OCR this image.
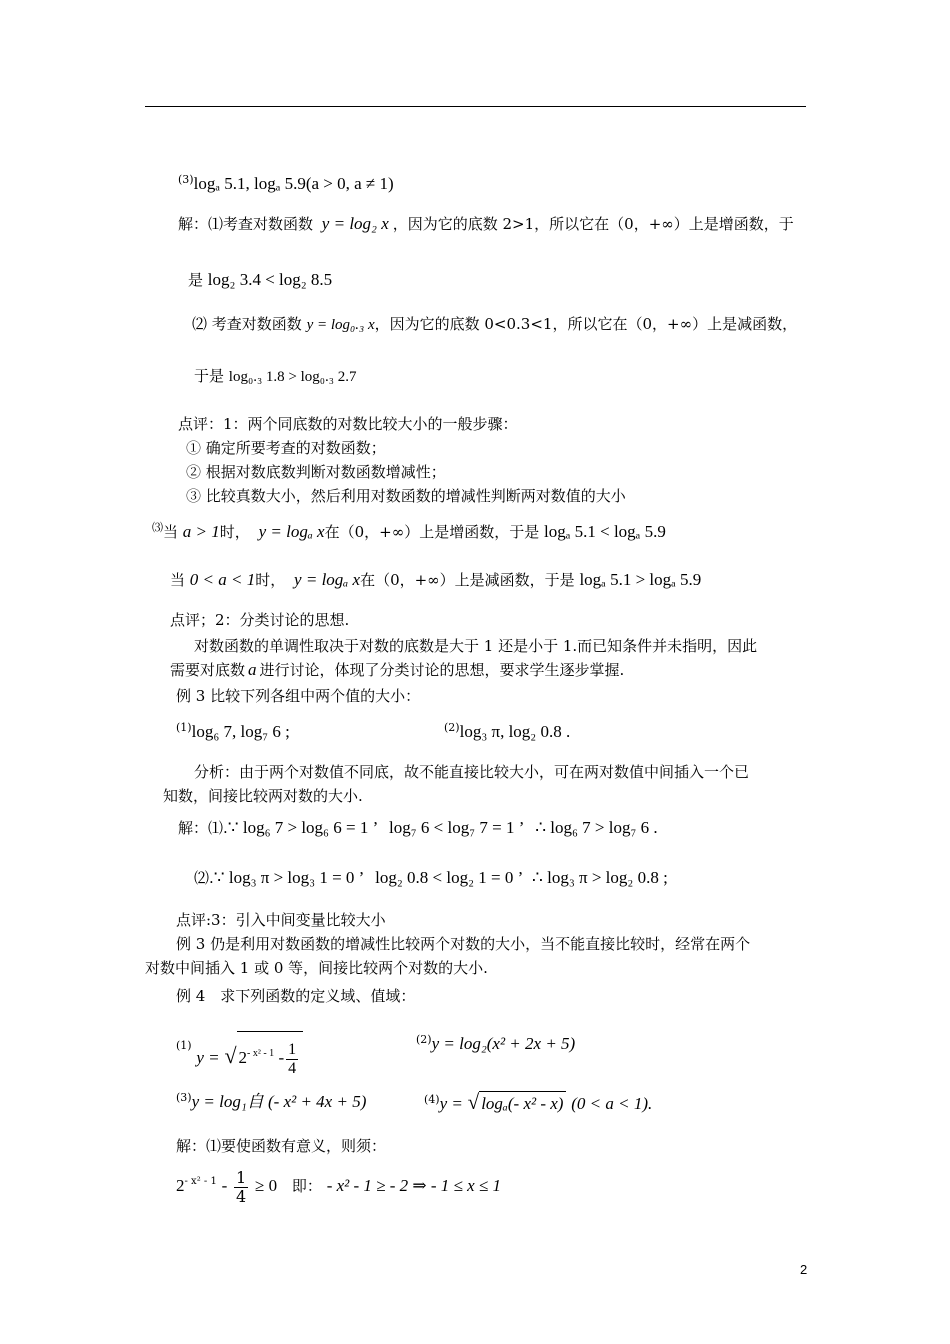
$^{(3)}$logₐ 5.1, logₐ 5.9(a > 0, a ≠ 1)
解：⑴考查对数函数 y = log₂ x ，因为它的底数 2>1，所以它在（0，+∞）上是增函数，于
是 log₂ 3.4 < log₂ 8.5
⑵ 考查对数函数 y = log₀.₃ x，因为它的底数 0<0.3<1，所以它在（0，+∞）上是减函数，
于是 log₀.₃ 1.8 > log₀.₃ 2.7
点评：1：两个同底数的对数比较大小的一般步骤：
① 确定所要考查的对数函数；
② 根据对数底数判断对数函数增减性；
③ 比较真数大小，然后利用对数函数的增减性判断两对数值的大小
⑶当 a > 1时， y = logₐ x在（0，+∞）上是增函数，于是 logₐ 5.1 < logₐ 5.9
当 0 < a < 1时， y = logₐ x在（0，+∞）上是减函数，于是 logₐ 5.1 > logₐ 5.9
点评；2：分类讨论的思想.
对数函数的单调性取决于对数的底数是大于 1 还是小于 1.而已知条件并未指明，因此
需要对底数 a 进行讨论，体现了分类讨论的思想，要求学生逐步掌握.
例 3 比较下列各组中两个值的大小：
$^{(1)}$log₆ 7, log₇ 6 ;	$^{(2)}$log₃ π, log₂ 0.8 .
分析：由于两个对数值不同底，故不能直接比较大小，可在两对数值中间插入一个已
知数，间接比较两对数的大小.
解：⑴.∵ log₆ 7 > log₆ 6 = 1 ’ log₇ 6 < log₇ 7 = 1 ’ ∴ log₆ 7 > log₇ 6 .
⑵.∵ log₃ π > log₃ 1 = 0 ’ log₂ 0.8 < log₂ 1 = 0 ’ ∴ log₃ π > log₂ 0.8 ;
点评:3：引入中间变量比较大小
例 3 仍是利用对数函数的增减性比较两个对数的大小，当不能直接比较时，经常在两个
对数中间插入 1 或 0 等，间接比较两个对数的大小.
例 4　求下列函数的定义域、值域：
$^{(1)}$ y = √ $2^{- x^2 - 1} - \frac{1}{4}$
$^{(2)}$y = log₂(x² + 2x + 5)
$^{(3)}$y = log₁⾃ (- x² + 4x + 5)	$^{(4)}$y = √ logₐ(- x² - x) (0 < a < 1).
解：⑴要使函数有意义，则须：
$2^{- x^2 - 1} - \frac{1}{4} \ge 0$ 即： - x² - 1 ≥ - 2 ⇒ - 1 ≤ x ≤ 1
2
